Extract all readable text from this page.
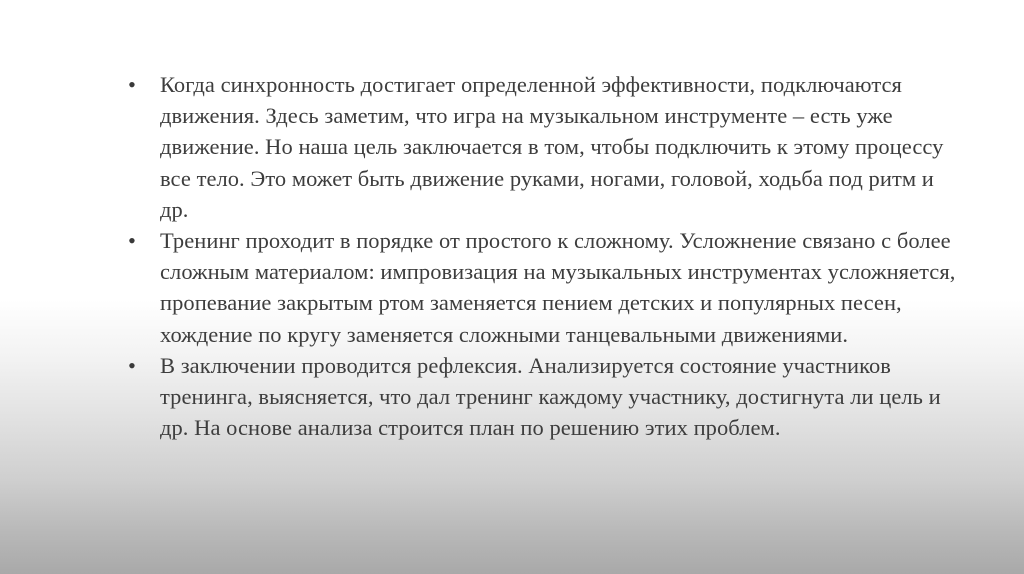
• Когда синхронность достигает определенной эффективности, подключаются движения. Здесь заметим, что игра на музыкальном инструменте – есть уже движение. Но наша цель заключается в том, чтобы подключить к этому процессу все тело. Это может быть движение руками, ногами, головой, ходьба под ритм и др.
• Тренинг проходит в порядке от простого к сложному. Усложнение связано с более сложным материалом: импровизация на музыкальных инструментах усложняется, пропевание закрытым ртом заменяется пением детских и популярных песен, хождение по кругу заменяется сложными танцевальными движениями.
• В заключении проводится рефлексия. Анализируется состояние участников тренинга, выясняется, что дал тренинг каждому участнику, достигнута ли цель и др. На основе анализа строится план по решению этих проблем.
